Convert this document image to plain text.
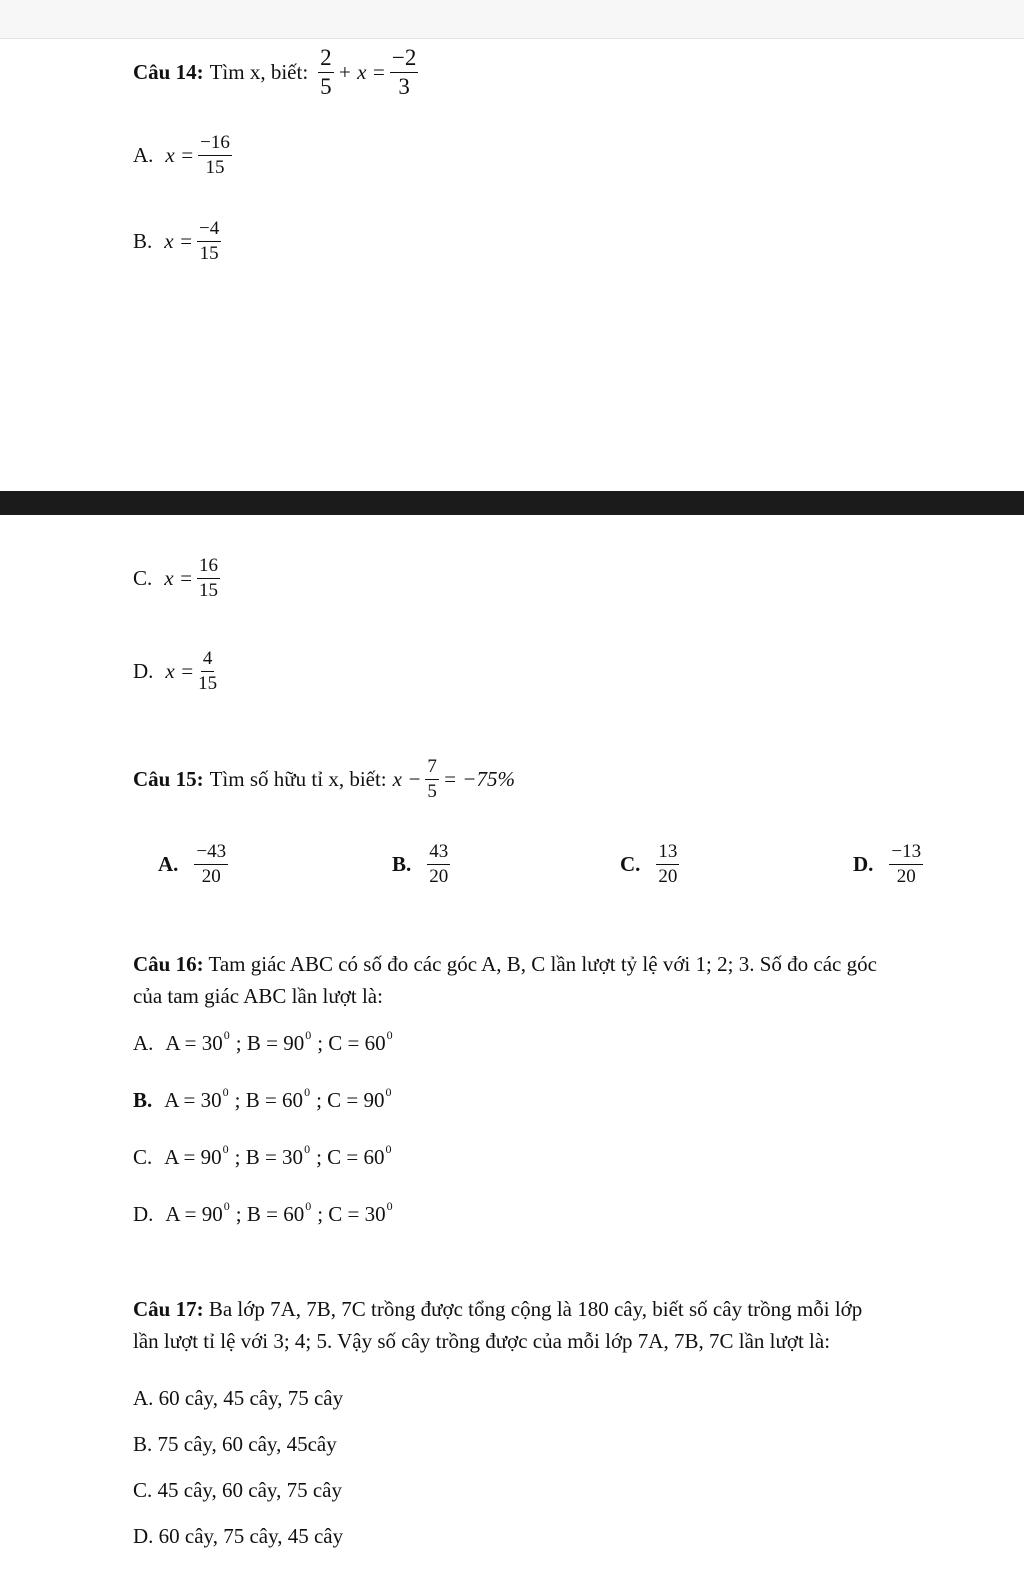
Câu 14: Tìm x, biết: $\frac{2}{5} + x = \frac{-2}{3}$
A. $x = \frac{-16}{15}$
B. $x = \frac{-4}{15}$
C. $x = \frac{16}{15}$
D. $x = \frac{4}{15}$
Câu 15: Tìm số hữu tỉ x, biết: $x - \frac{7}{5} = -75\%$
A. $\frac{-43}{20}$	B. $\frac{43}{20}$	C. $\frac{13}{20}$	D. $\frac{-13}{20}$
Câu 16: Tam giác ABC có số đo các góc A, B, C lần lượt tỷ lệ với 1; 2; 3. Số đo các góc
của tam giác ABC lần lượt là:
A. A = 30 0 ; B = 90 0 ; C = 60 0
B. A = 30 0 ; B = 60 0 ; C = 90 0
C. A = 90 0 ; B = 30 0 ; C = 60 0
D. A = 90 0 ; B = 60 0 ; C = 30 0
Câu 17: Ba lớp 7A, 7B, 7C trồng được tổng cộng là 180 cây, biết số cây trồng mỗi lớp
lần lượt tỉ lệ với 3; 4; 5. Vậy số cây trồng được của mỗi lớp 7A, 7B, 7C lần lượt là:
A. 60 cây, 45 cây, 75 cây
B. 75 cây, 60 cây, 45cây
C. 45 cây, 60 cây, 75 cây
D. 60 cây, 75 cây, 45 cây
